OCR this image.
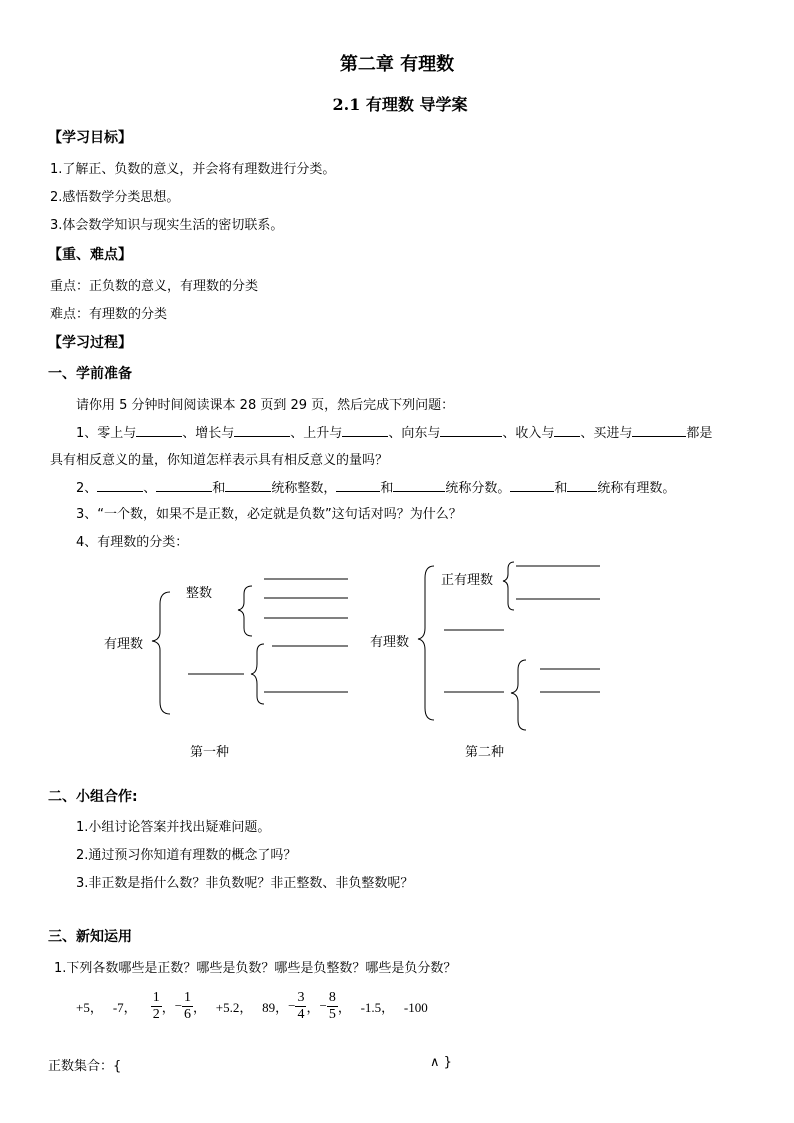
第二章 有理数
2.1 有理数 导学案
【学习目标】
1.了解正、负数的意义，并会将有理数进行分类。
2.感悟数学分类思想。
3.体会数学知识与现实生活的密切联系。
【重、难点】
重点：正负数的意义，有理数的分类
难点：有理数的分类
【学习过程】
一、学前准备
请你用 5 分钟时间阅读课本 28 页到 29 页，然后完成下列问题：
1、零上与	、增长与	、上升与	、向东与	、收入与 、买进与	都是
具有相反意义的量，你知道怎样表示具有相反意义的量吗？
2、	、	和	统称整数，	和	统称分数。	和 统称有理数。
3、“一个数，如果不是正数，必定就是负数”这句话对吗？为什么？
4、有理数的分类：
有理数
整数
第一种
有理数
正有理数
第二种
二、小组合作:
1.小组讨论答案并找出疑难问题。
2.通过预习你知道有理数的概念了吗？
3.非正数是指什么数？非负数呢？非正整数、非负整数呢？
三、新知运用
1.下列各数哪些是正数？哪些是负数？哪些是负整数？哪些是负分数？
+5， -7， $\frac{1}{2}$ ， − $\frac{1}{6}$ ，   +5.2，   89， − $\frac{3}{4}$ ， − $\frac{8}{5}$ ，   -1.5，   -100
正数集合：{	∧ }
